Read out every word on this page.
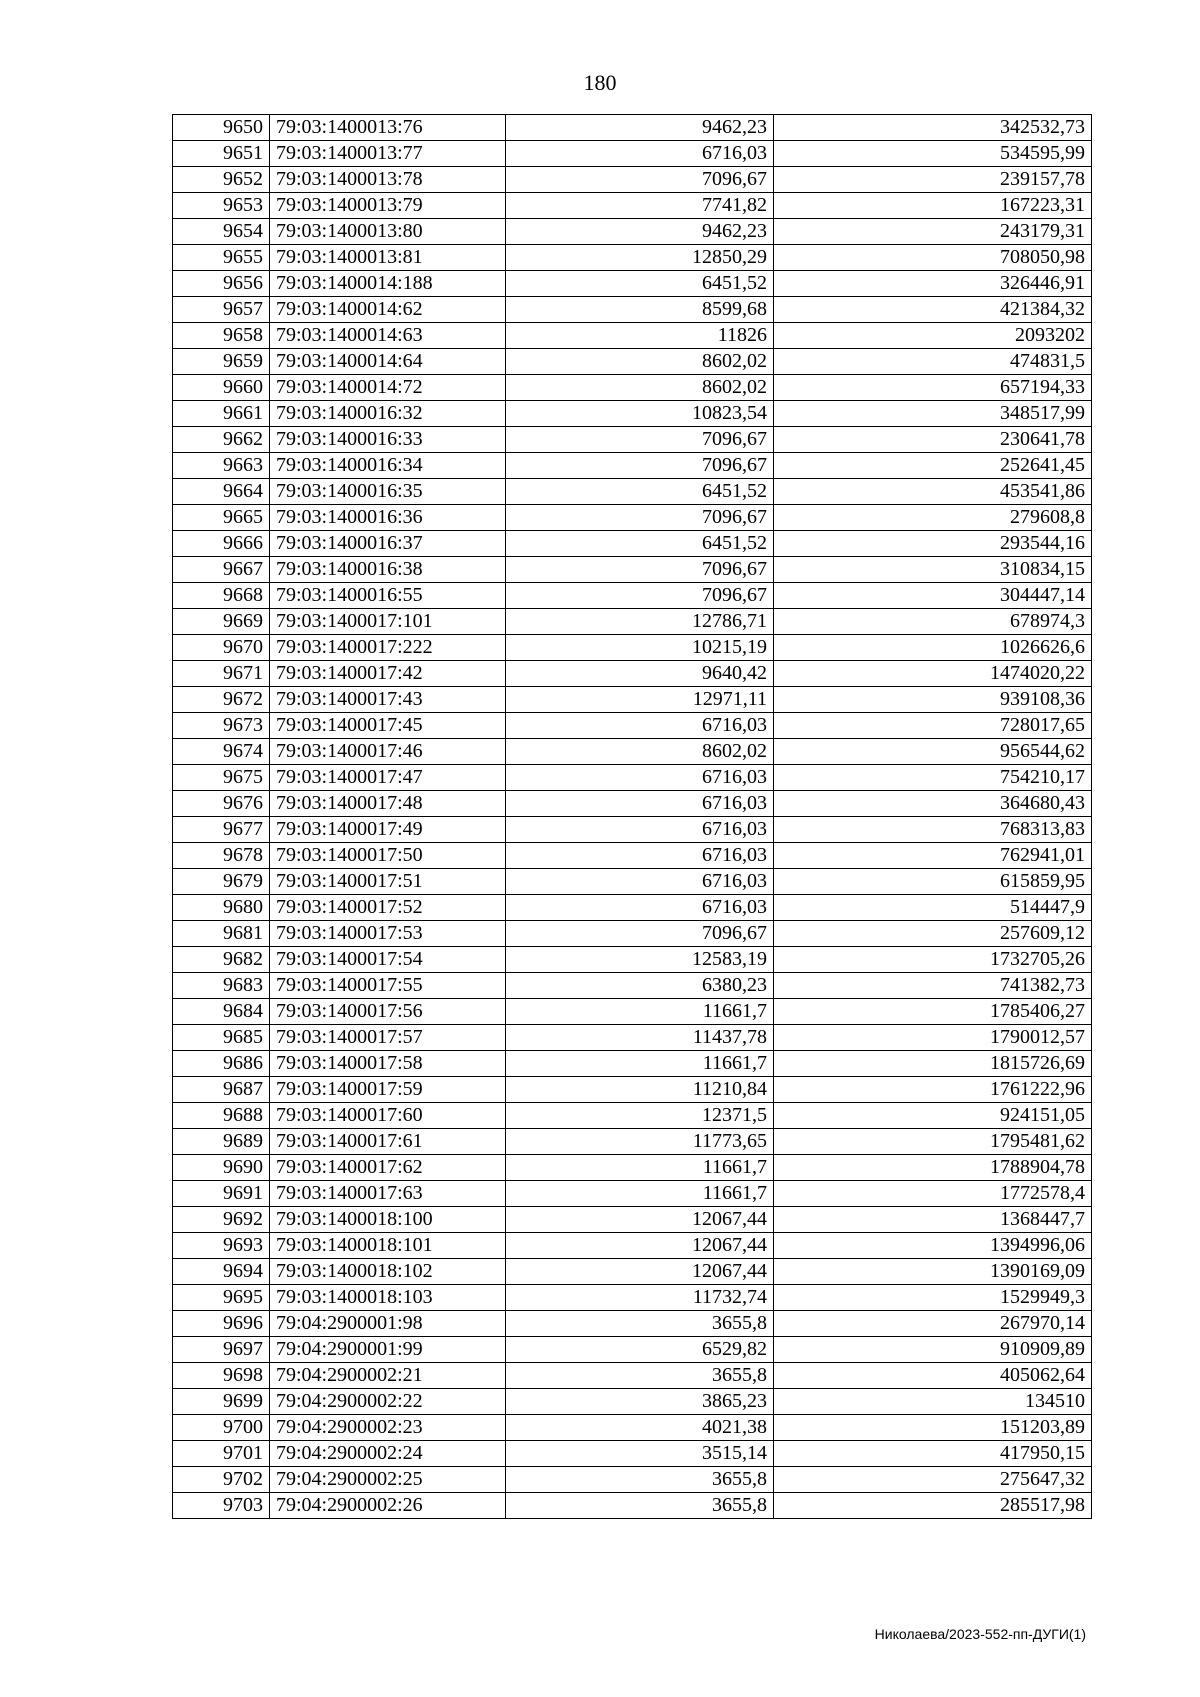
180
9650	79:03:1400013:76	9462,23	342532,73
9651	79:03:1400013:77	6716,03	534595,99
9652	79:03:1400013:78	7096,67	239157,78
9653	79:03:1400013:79	7741,82	167223,31
9654	79:03:1400013:80	9462,23	243179,31
9655	79:03:1400013:81	12850,29	708050,98
9656	79:03:1400014:188	6451,52	326446,91
9657	79:03:1400014:62	8599,68	421384,32
9658	79:03:1400014:63	11826	2093202
9659	79:03:1400014:64	8602,02	474831,5
9660	79:03:1400014:72	8602,02	657194,33
9661	79:03:1400016:32	10823,54	348517,99
9662	79:03:1400016:33	7096,67	230641,78
9663	79:03:1400016:34	7096,67	252641,45
9664	79:03:1400016:35	6451,52	453541,86
9665	79:03:1400016:36	7096,67	279608,8
9666	79:03:1400016:37	6451,52	293544,16
9667	79:03:1400016:38	7096,67	310834,15
9668	79:03:1400016:55	7096,67	304447,14
9669	79:03:1400017:101	12786,71	678974,3
9670	79:03:1400017:222	10215,19	1026626,6
9671	79:03:1400017:42	9640,42	1474020,22
9672	79:03:1400017:43	12971,11	939108,36
9673	79:03:1400017:45	6716,03	728017,65
9674	79:03:1400017:46	8602,02	956544,62
9675	79:03:1400017:47	6716,03	754210,17
9676	79:03:1400017:48	6716,03	364680,43
9677	79:03:1400017:49	6716,03	768313,83
9678	79:03:1400017:50	6716,03	762941,01
9679	79:03:1400017:51	6716,03	615859,95
9680	79:03:1400017:52	6716,03	514447,9
9681	79:03:1400017:53	7096,67	257609,12
9682	79:03:1400017:54	12583,19	1732705,26
9683	79:03:1400017:55	6380,23	741382,73
9684	79:03:1400017:56	11661,7	1785406,27
9685	79:03:1400017:57	11437,78	1790012,57
9686	79:03:1400017:58	11661,7	1815726,69
9687	79:03:1400017:59	11210,84	1761222,96
9688	79:03:1400017:60	12371,5	924151,05
9689	79:03:1400017:61	11773,65	1795481,62
9690	79:03:1400017:62	11661,7	1788904,78
9691	79:03:1400017:63	11661,7	1772578,4
9692	79:03:1400018:100	12067,44	1368447,7
9693	79:03:1400018:101	12067,44	1394996,06
9694	79:03:1400018:102	12067,44	1390169,09
9695	79:03:1400018:103	11732,74	1529949,3
9696	79:04:2900001:98	3655,8	267970,14
9697	79:04:2900001:99	6529,82	910909,89
9698	79:04:2900002:21	3655,8	405062,64
9699	79:04:2900002:22	3865,23	134510
9700	79:04:2900002:23	4021,38	151203,89
9701	79:04:2900002:24	3515,14	417950,15
9702	79:04:2900002:25	3655,8	275647,32
9703	79:04:2900002:26	3655,8	285517,98
Николаева/2023-552-пп-ДУГИ(1)
